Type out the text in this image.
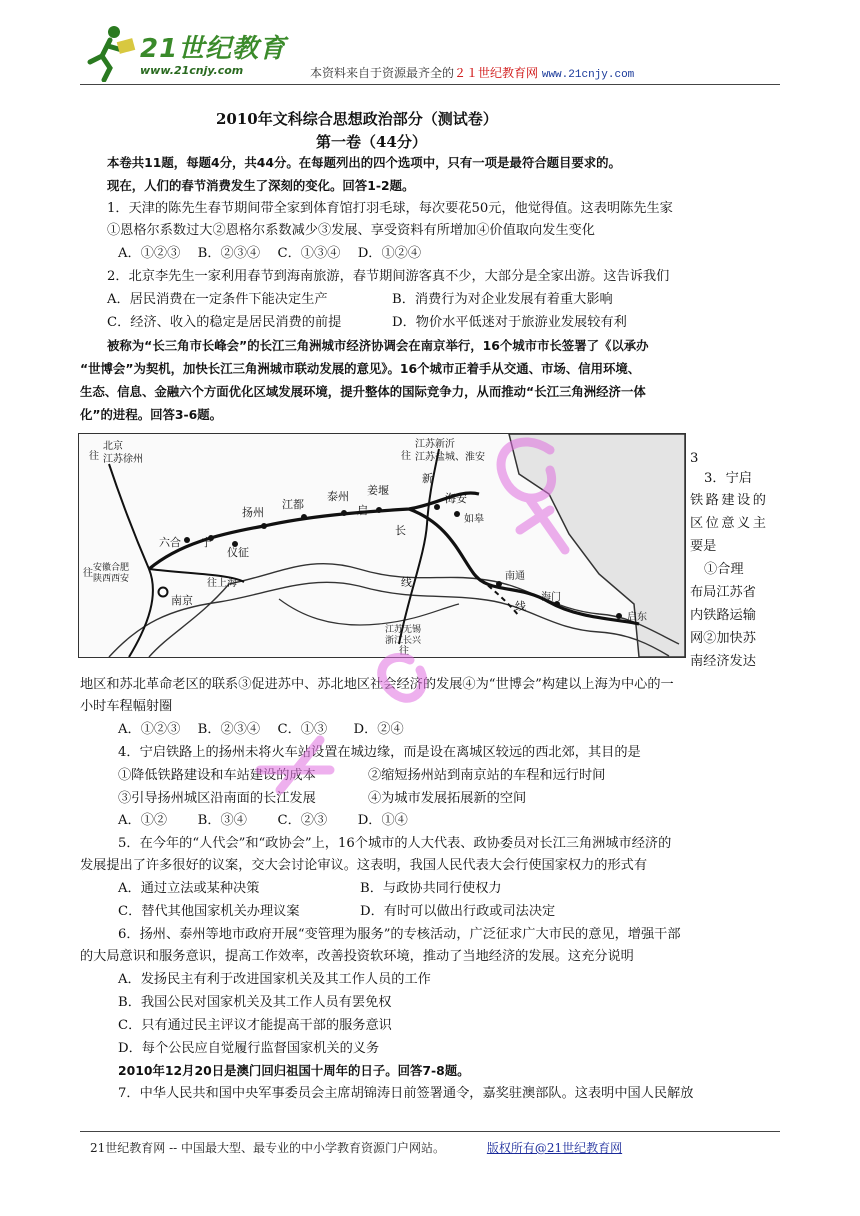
21世纪教育
www.21cnjy.com	本资料来自于资源最齐全的２１世纪教育网 www.21cnjy.com
2010年文科综合思想政治部分（测试卷）
第一卷（44分）
本卷共11题，每题4分，共44分。在每题列出的四个选项中，只有一项是最符合题目要求的。
现在，人们的春节消费发生了深刻的变化。回答1-2题。
1．天津的陈先生春节期间带全家到体育馆打羽毛球，每次要花50元，他觉得值。这表明陈先生家
①恩格尔系数过大②恩格尔系数减少③发展、享受资料有所增加④价值取向发生变化
A．①②③　 B．②③④　 C．①③④　 D．①②④
2．北京李先生一家利用春节到海南旅游，春节期间游客真不少，大部分是全家出游。这告诉我们
A．居民消费在一定条件下能决定生产	B．消费行为对企业发展有着重大影响
C．经济、收入的稳定是居民消费的前提	D．物价水平低迷对于旅游业发展较有利
被称为“长三角市长峰会”的长江三角洲城市经济协调会在南京举行，16个城市市长签署了《以承办
“世博会”为契机，加快长江三角洲城市联动发展的意见》。16个城市正着手从交通、市场、信用环境、
生态、信息、金融六个方面优化区域发展环境，提升整体的国际竞争力，从而推动“长江三角洲经济一体
化”的进程。回答3-6题。
往
北京
江苏徐州	往
江苏新沂
江苏盐城、淮安
扬州
江都
泰州 姜堰
新
启
海安
如皋
六合 宁
仪征
长
安徽合肥
陕西西安
往
往上海
南京
线
南通
线
海门
启东
江苏无锡
浙江长兴
往
3
3．宁启
铁路建设的
区位意义主
要是
①合理
布局江苏省
内铁路运输
网②加快苏
南经济发达
地区和苏北革命老区的联系③促进苏中、苏北地区社会经济的发展④为“世博会”构建以上海为中心的一
小时车程幅射圈
A．①②③　 B．②③④　 C．①③　　D．②④
4．宁启铁路上的扬州未将火车站设置在城边缘，而是设在离城区较远的西北郊，其目的是
①降低铁路建设和车站建设的成本	②缩短扬州站到南京站的车程和远行时间
③引导扬州城区沿南面的长江发展	④为城市发展拓展新的空间
A．①②　　 B．③④　　 C．②③　　 D．①④
5．在今年的“人代会”和“政协会”上，16个城市的人大代表、政协委员对长江三角洲城市经济的
发展提出了许多很好的议案，交大会讨论审议。这表明，我国人民代表大会行使国家权力的形式有
A．通过立法或某种决策	B．与政协共同行使权力
C．替代其他国家机关办理议案	D．有时可以做出行政或司法决定
6．扬州、泰州等地市政府开展“变管理为服务”的专核活动，广泛征求广大市民的意见，增强干部
的大局意识和服务意识，提高工作效率，改善投资软环境，推动了当地经济的发展。这充分说明
A．发扬民主有利于改进国家机关及其工作人员的工作
B．我国公民对国家机关及其工作人员有罢免权
C．只有通过民主评议才能提高干部的服务意识
D．每个公民应自觉履行监督国家机关的义务
2010年12月20日是澳门回归祖国十周年的日子。回答7-8题。
7．中华人民共和国中央军事委员会主席胡锦涛日前签署通令，嘉奖驻澳部队。这表明中国人民解放
21世纪教育网 -- 中国最大型、最专业的中小学教育资源门户网站。	版权所有@21世纪教育网
